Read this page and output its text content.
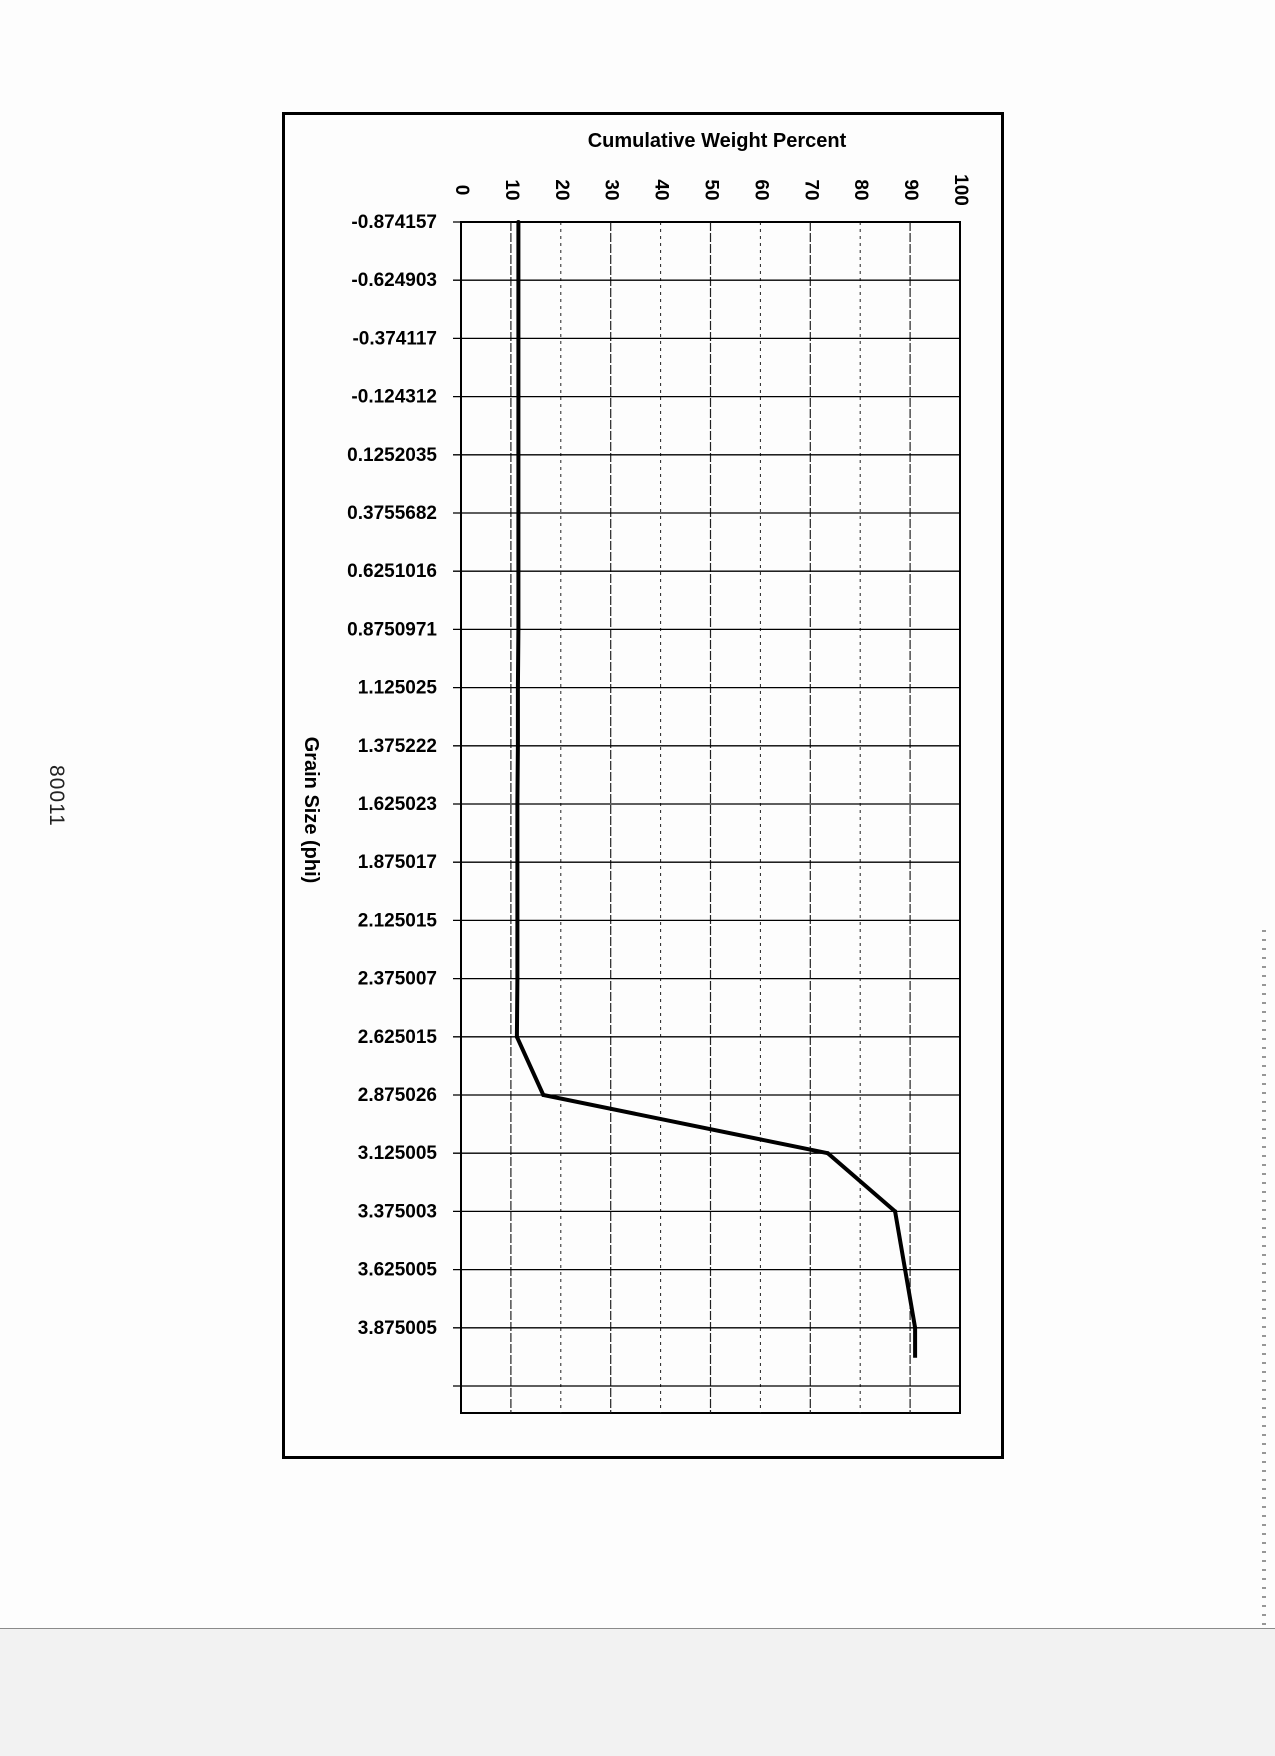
80011
Cumulative Weight Percent
Grain Size (phi)
0 10 20 30 40 50 60 70 80 90 100
-0.874157
-0.624903
-0.374117
-0.124312
0.1252035
0.3755682
0.6251016
0.8750971
1.125025
1.375222
1.625023
1.875017
2.125015
2.375007
2.625015
2.875026
3.125005
3.375003
3.625005
3.875005
